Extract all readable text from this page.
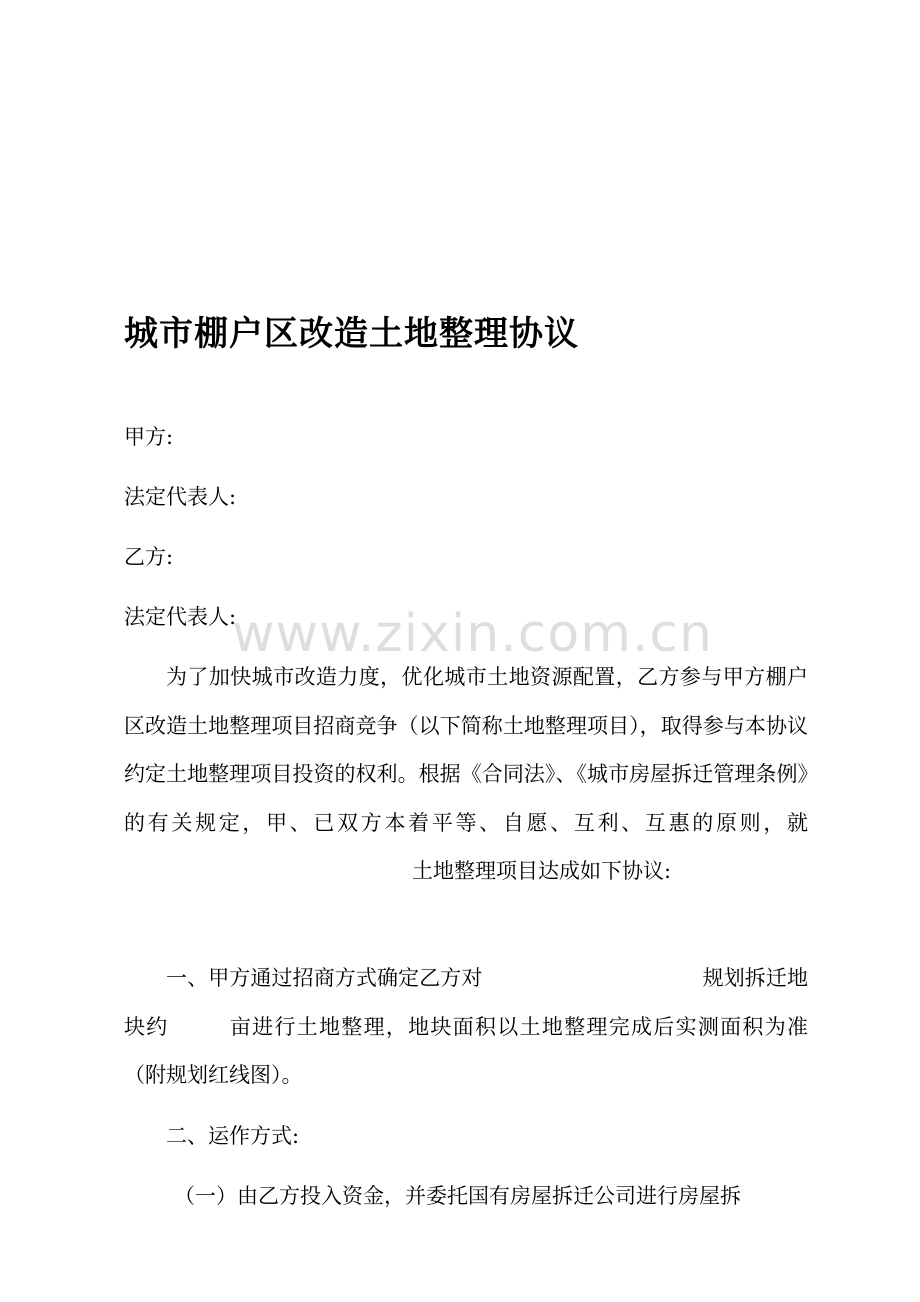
城市棚户区改造土地整理协议
甲方:
法定代表人:
乙方:
法定代表人:

为了加快城市改造力度，优化城市土地资源配置，乙方参与甲方棚户区改造土地整理项目招商竞争（以下简称土地整理项目），取得参与本协议约定土地整理项目投资的权利。根据《合同法》、《城市房屋拆迁管理条例》的有关规定，甲、已双方本着平等、自愿、互利、互惠的原则，就土地整理项目达成如下协议:

一、甲方通过招商方式确定乙方对	规划拆迁地块约	亩进行土地整理，地块面积以土地整理完成后实测面积为准（附规划红线图）。

二、运作方式:

（一）由乙方投入资金，并委托国有房屋拆迁公司进行房屋拆

www.zixin.com.cn
